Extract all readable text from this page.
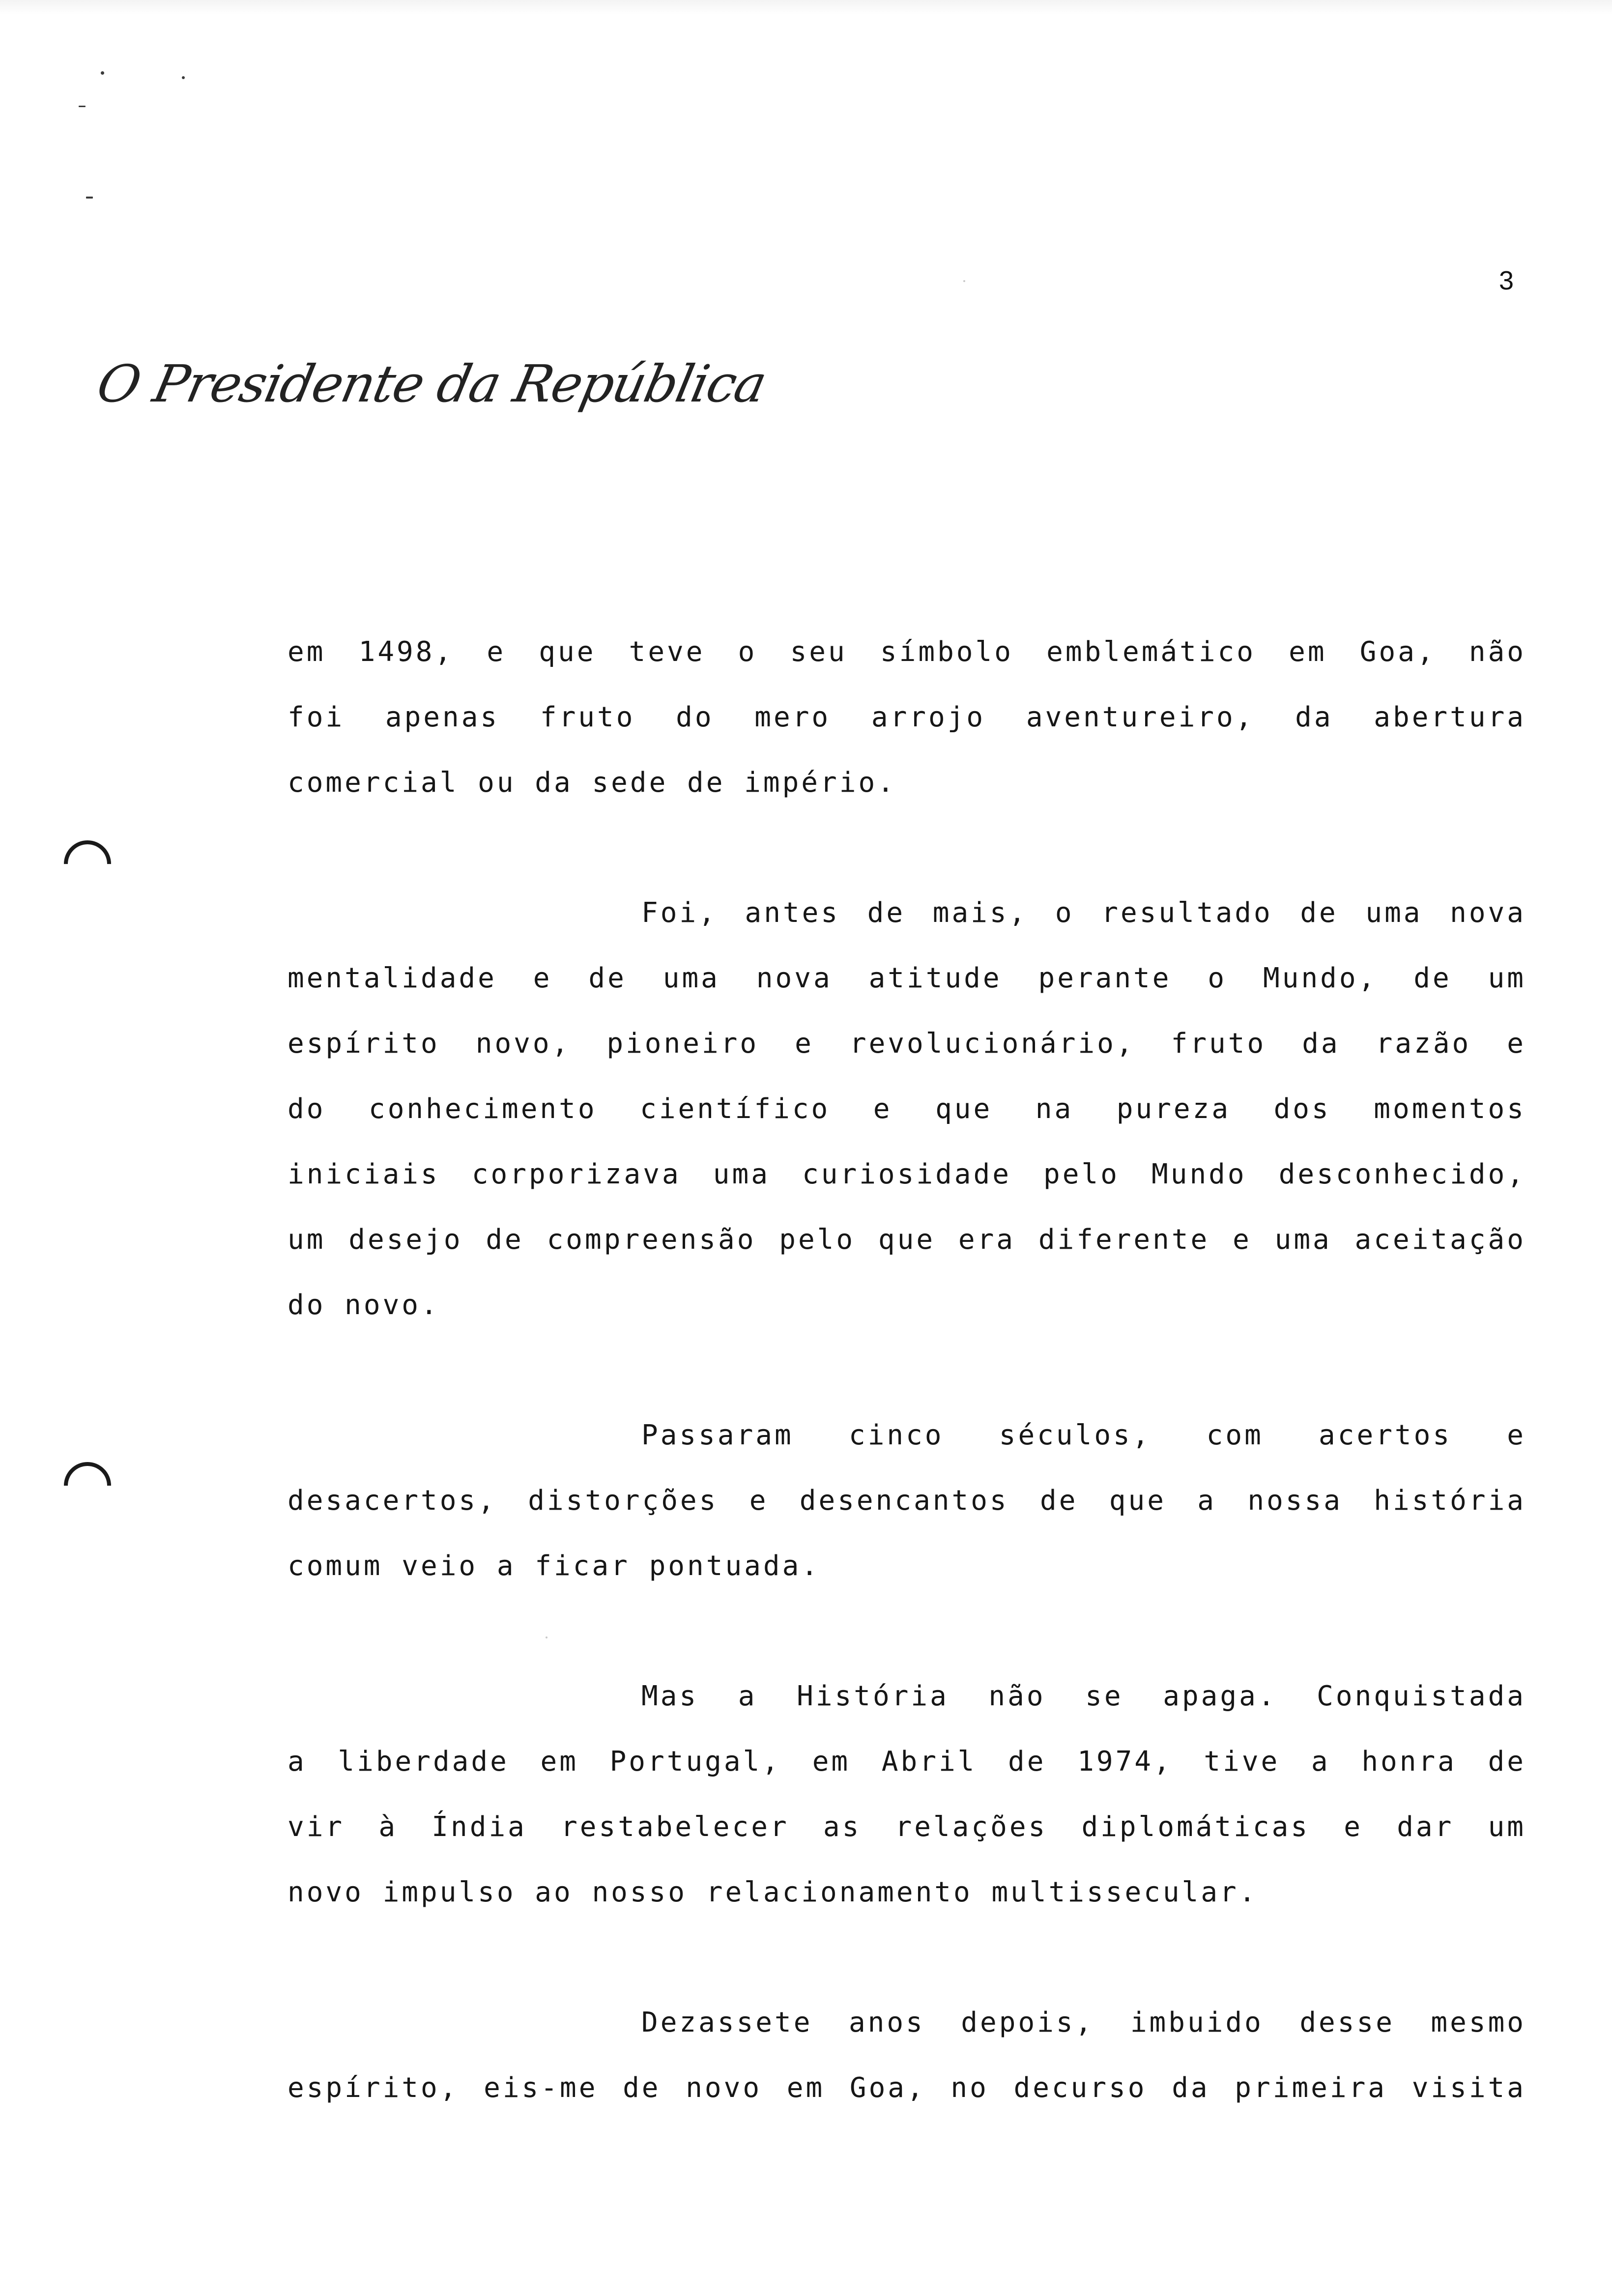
3
O Presidente da República

em 1498, e que teve o seu símbolo emblemático em Goa, não
foi apenas fruto do mero arrojo aventureiro, da abertura
comercial ou da sede de império.

Foi, antes de mais, o resultado de uma nova
mentalidade e de uma nova atitude perante o Mundo, de um
espírito novo, pioneiro e revolucionário, fruto da razão e
do conhecimento científico e que na pureza dos momentos
iniciais corporizava uma curiosidade pelo Mundo desconhecido,
um desejo de compreensão pelo que era diferente e uma aceitação
do novo.

Passaram cinco séculos, com acertos e
desacertos, distorções e desencantos de que a nossa história
comum veio a ficar pontuada.

Mas a História não se apaga. Conquistada
a liberdade em Portugal, em Abril de 1974, tive a honra de
vir à Índia restabelecer as relações diplomáticas e dar um
novo impulso ao nosso relacionamento multissecular.

Dezassete anos depois, imbuido desse mesmo
espírito, eis-me de novo em Goa, no decurso da primeira visita
